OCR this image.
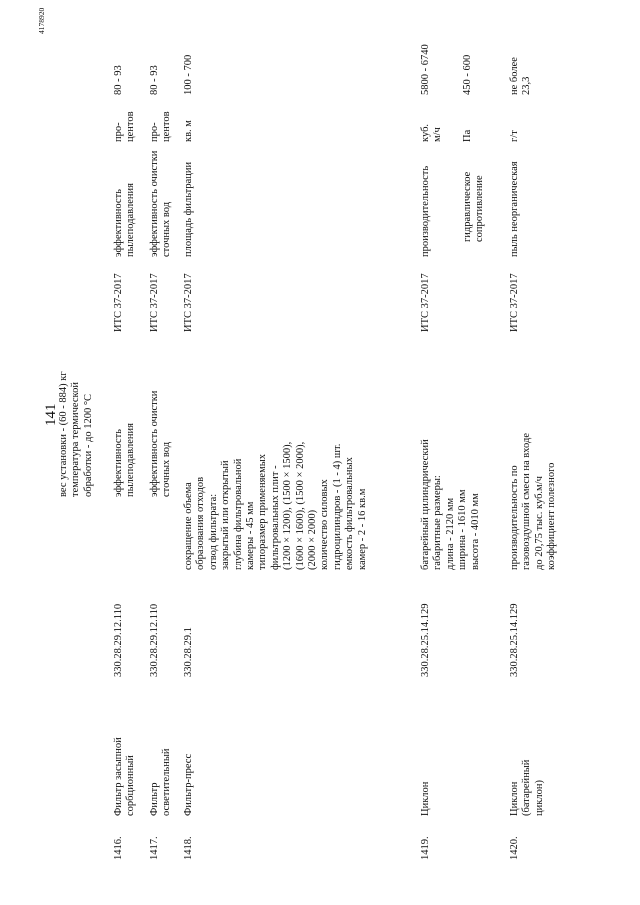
141
4178920
вес установки - (60 - 884) кг температура термической обработки - до 1200 °C
1416.
Фильтр засыпной сорбционный
330.28.29.12.110
эффективность пылеподавления
ИТС 37-2017
эффективность пылеподавления
про- центов
80 - 93
1417.
Фильтр осветительный
330.28.29.12.110
эффективность очистки сточных вод
ИТС 37-2017
эффективность очистки сточных вод
про- центов
80 - 93
1418.
Фильтр-пресс
330.28.29.1
сокращение объема образования отходов отвод фильтрата: закрытый или открытый глубина фильтровальной камеры - 45 мм типоразмер применяемых фильтровальных плит - (1200 × 1200), (1500 × 1500), (1600 × 1600), (1500 × 2000), (2000 × 2000) количество силовых гидроцилиндров - (1 - 4) шт. емкость фильтровальных камер - 2 - 16 кв.м
ИТС 37-2017
площадь фильтрации
кв. м
100 - 700
1419.
Циклон
330.28.25.14.129
батарейный цилиндрический габаритные размеры: длина - 2120 мм ширина - 1610 мм высота - 4010 мм
ИТС 37-2017
производительность
куб. м/ч
5800 - 6740
гидравлическое сопротивление
Па
450 - 600
1420.
Циклон (батарейный циклон)
330.28.25.14.129
производительность по газовоздушной смеси на входе до 20,75 тыс. куб.м/ч коэффициент полезного
ИТС 37-2017
пыль неорганическая
г/т
не более 23,3
